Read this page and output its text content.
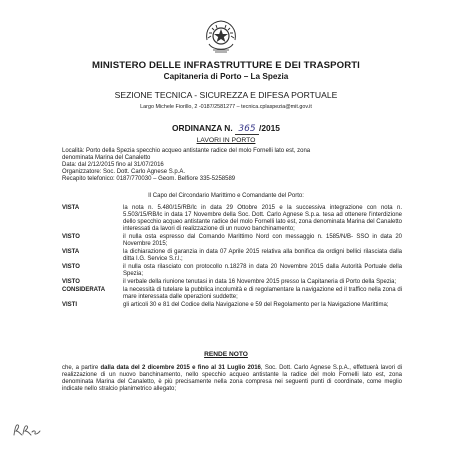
MINISTERO DELLE INFRASTRUTTURE E DEI TRASPORTI
Capitaneria di Porto – La Spezia
SEZIONE TECNICA - SICUREZZA E DIFESA PORTUALE
Largo Michele Fiorillo, 2 -0187/2581277 – tecnica.cplaspezia@mit.gov.it
ORDINANZA N. 365 /2015
LAVORI IN PORTO
Località: Porto della Spezia specchio acqueo antistante radice del molo Fornelli lato est, zona
denominata Marina del Canaletto
Data: dal 2/12/2015 fino al 31/07/2016
Organizzatore: Soc. Dott. Carlo Agnese S.p.A.
Recapito telefonico: 0187/770030 – Geom. Belfiore 335-5258589
Il Capo del Circondario Marittimo e Comandante del Porto:
VISTA	la nota n. 5.480/15/RB/lc in data 29 Ottobre 2015 e la successiva integrazione con nota n. 5.503/15/RB/lc in data 17 Novembre della Soc. Dott. Carlo Agnese S.p.a. tesa ad ottenere l'interdizione dello specchio acqueo antistante radice del molo Fornelli lato est, zona denominata Marina del Canaletto interessati da lavori di realizzazione di un nuovo banchinamento;
VISTO	il nulla osta espresso dal Comando Marittimo Nord con messaggio n. 1585/N/B- SSO in data 20 Novembre 2015;
VISTA	la dichiarazione di garanzia in data 07 Aprile 2015 relativa alla bonifica da ordigni bellici rilasciata dalla ditta I.G. Service S.r.l.;
VISTO	il nulla osta rilasciato con protocollo n.18278 in data 20 Novembre 2015 dalla Autorità Portuale della Spezia;
VISTO	il verbale della riunione tenutasi in data 16 Novembre 2015 presso la Capitaneria di Porto della Spezia;
CONSIDERATA	la necessità di tutelare la pubblica incolumità e di regolamentare la navigazione ed il traffico nella zona di mare interessata dalle operazioni suddette;
VISTI	gli articoli 30 e 81 del Codice della Navigazione e 59 del Regolamento per la Navigazione Marittima;
RENDE NOTO
che, a partire dalla data del 2 dicembre 2015 e fino al 31 Luglio 2016, Soc. Dott. Carlo Agnese S.p.A., effettuerà lavori di realizzazione di un nuovo banchinamento, nello specchio acqueo antistante la radice del molo Fornelli lato est, zona denominata Marina del Canaletto, è più precisamente nella zona compresa nei seguenti punti di coordinate, come meglio indicate nello stralcio planimetrico allegato;
